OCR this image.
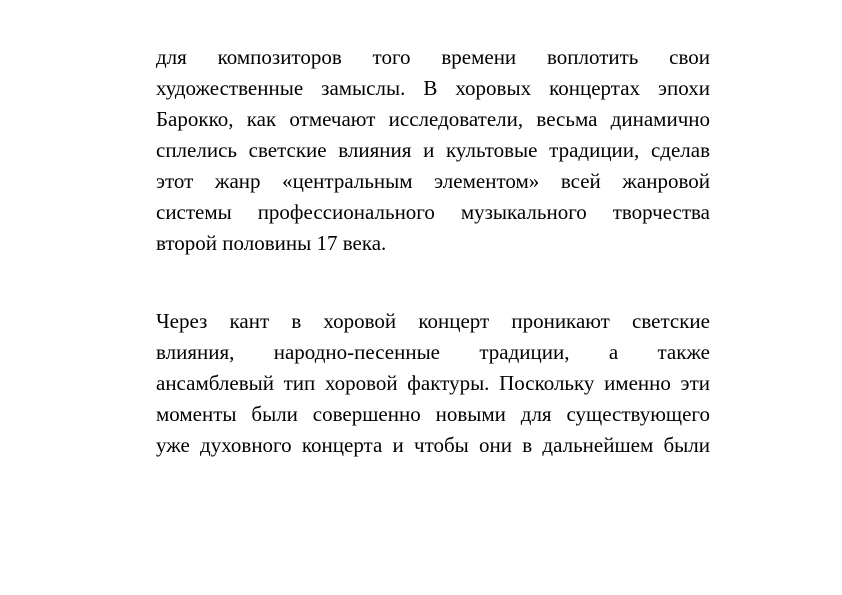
для композиторов того времени воплотить свои
художественные замыслы. В хоровых концертах эпохи
Барокко, как отмечают исследователи, весьма динамично
сплелись светские влияния и культовые традиции, сделав
этот жанр «центральным элементом» всей жанровой
системы профессионального музыкального творчества
второй половины 17 века.

Через кант в хоровой концерт проникают светские
влияния, народно-песенные традиции, а также
ансамблевый тип хоровой фактуры. Поскольку именно эти
моменты были совершенно новыми для существующего
уже духовного концерта и чтобы они в дальнейшем были
